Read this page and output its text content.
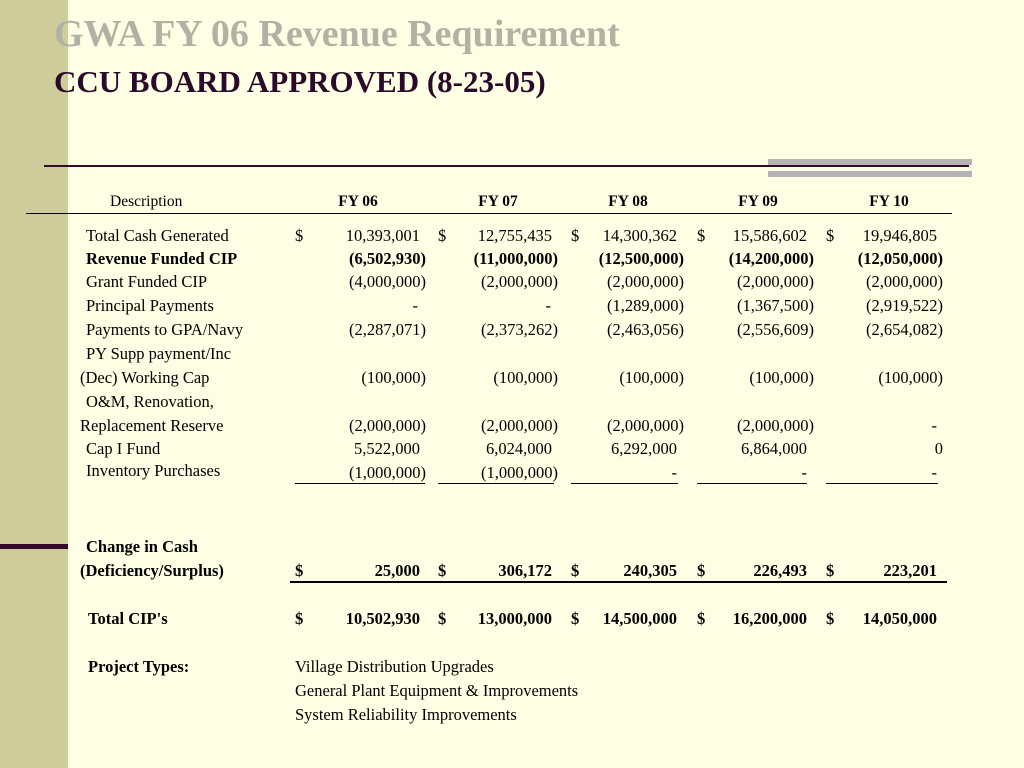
GWA FY 06 Revenue Requirement
CCU BOARD APPROVED (8-23-05)
Description	FY 06	FY 07	FY 08	FY 09	FY 10
Total Cash Generated	$	10,393,001 $	12,755,435 $	14,300,362 $	15,586,602 $	19,946,805
Revenue Funded CIP	(6,502,930)	(11,000,000)	(12,500,000)	(14,200,000)	(12,050,000)
Grant Funded CIP	(4,000,000)	(2,000,000)	(2,000,000)	(2,000,000)	(2,000,000)
Principal Payments	-	-	(1,289,000)	(1,367,500)	(2,919,522)
Payments to GPA/Navy	(2,287,071)	(2,373,262)	(2,463,056)	(2,556,609)	(2,654,082)
PY Supp payment/Inc
(Dec) Working Cap	(100,000)	(100,000)	(100,000)	(100,000)	(100,000)
O&M, Renovation,
Replacement Reserve	(2,000,000)	(2,000,000)	(2,000,000)	(2,000,000)	-
Cap I Fund	5,522,000	6,024,000	6,292,000	6,864,000	0
Inventory Purchases	(1,000,000)	(1,000,000)	-	-	-
Change in Cash
(Deficiency/Surplus)	$	25,000 $	306,172 $	240,305 $	226,493 $	223,201
Total CIP's	$	10,502,930 $	13,000,000 $	14,500,000 $	16,200,000 $	14,050,000
Project Types:	Village Distribution Upgrades
General Plant Equipment & Improvements
System Reliability Improvements
